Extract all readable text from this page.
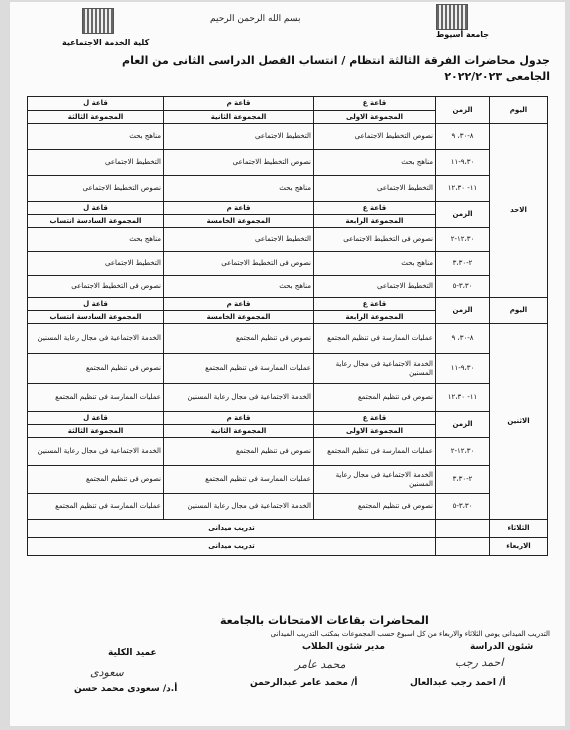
كلية الخدمة الاجتماعية
جامعة أسيوط
بسم الله الرحمن الرحيم
جدول محاضرات الفرقة الثالثة انتظام / انتساب الفصل الدراسى الثانى من العام
الجامعى ٢٠٢٢/٢٠٢٣
اليوم	الزمن	قاعة ع	قاعة م	قاعة ل
		المجموعة الاولى	المجموعة الثانية	المجموعة الثالثة
الاحد	٨-٣٠، ٩	نصوص التخطيط الاجتماعى	التخطيط الاجتماعى	مناهج بحث
	٩،٣٠-١١	مناهج بحث	نصوص التخطيط الاجتماعى	التخطيط الاجتماعى
	١١- ١٢،٣٠	التخطيط الاجتماعى	مناهج بحث	نصوص التخطيط الاجتماعى
	الزمن	قاعة ع	قاعة م	قاعة ل
		المجموعة الرابعة	المجموعة الخامسة	المجموعة السادسة انتساب
	١٢،٣٠-٢	نصوص فى التخطيط الاجتماعى	التخطيط الاجتماعى	مناهج بحث
	٢-٣،٣٠	مناهج بحث	نصوص فى التخطيط الاجتماعى	التخطيط الاجتماعى
	٣،٣٠-٥	التخطيط الاجتماعى	مناهج بحث	نصوص فى التخطيط الاجتماعى
اليوم	الزمن	قاعة ع	قاعة م	قاعة ل
		المجموعة الرابعة	المجموعة الخامسة	المجموعة السادسة انتساب
الاثنين	٨-٣٠، ٩	عمليات الممارسة فى تنظيم المجتمع	نصوص فى تنظيم المجتمع	الخدمة الاجتماعية فى مجال رعاية المسنين
	٩،٣٠-١١	الخدمة الاجتماعية فى مجال رعاية المسنين	عمليات الممارسة فى تنظيم المجتمع	نصوص فى تنظيم المجتمع
	١١- ١٢،٣٠	نصوص فى تنظيم المجتمع	الخدمة الاجتماعية فى مجال رعاية المسنين	عمليات الممارسة فى تنظيم المجتمع
	الزمن	قاعة ع	قاعة م	قاعة ل
		المجموعة الاولى	المجموعة الثانية	المجموعة الثالثة
	١٢،٣٠-٢	عمليات الممارسة فى تنظيم المجتمع	نصوص فى تنظيم المجتمع	الخدمة الاجتماعية فى مجال رعاية المسنين
	٢-٣،٣٠	الخدمة الاجتماعية فى مجال رعاية المسنين	عمليات الممارسة فى تنظيم المجتمع	نصوص فى تنظيم المجتمع
	٣،٣٠-٥	نصوص فى تنظيم المجتمع	الخدمة الاجتماعية فى مجال رعاية المسنين	عمليات الممارسة فى تنظيم المجتمع
الثلاثاء		تدريب ميدانى		
الاربعاء		تدريب ميدانى		
المحاضرات بقاعات الامتحانات بالجامعة
التدريب الميدانى يومى الثلاثاء والاربعاء من كل اسبوع حسب المجموعات بمكتب التدريب الميدانى
شئون الدراسة
مدير شئون الطلاب
عميد الكلية
احمد رجب
محمد عامر
سعودى
أ/ احمد رجب عبدالعال
أ/ محمد عامر عبدالرحمن
أ.د/ سعودى محمد حسن
